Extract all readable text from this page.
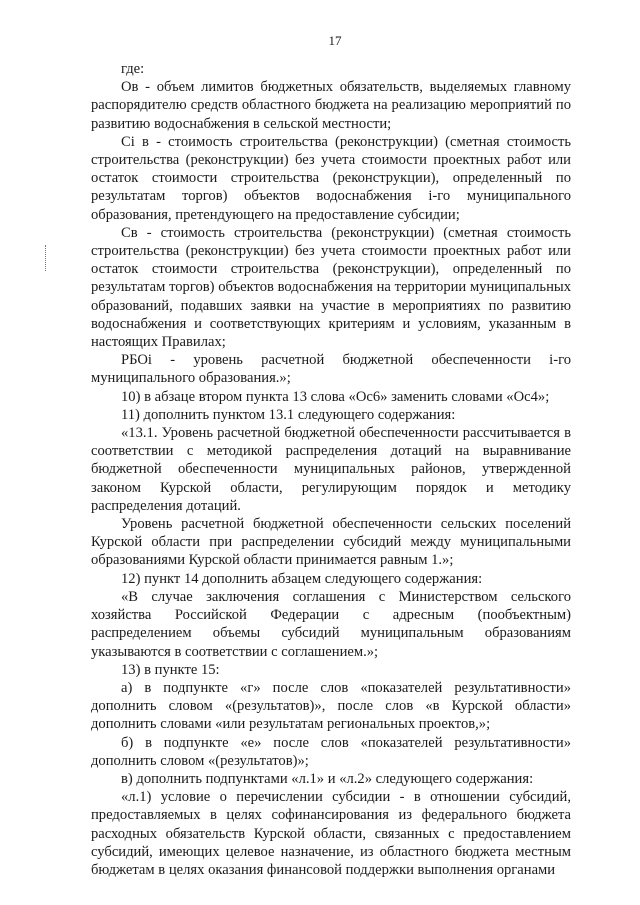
17

где:

Ов - объем лимитов бюджетных обязательств, выделяемых главному распорядителю средств областного бюджета на реализацию мероприятий по развитию водоснабжения в сельской местности;

Ci в - стоимость строительства (реконструкции) (сметная стоимость строительства (реконструкции) без учета стоимости проектных работ или остаток стоимости строительства (реконструкции), определенный по результатам торгов) объектов водоснабжения i-го муниципального образования, претендующего на предоставление субсидии;

Св - стоимость строительства (реконструкции) (сметная стоимость строительства (реконструкции) без учета стоимости проектных работ или остаток стоимости строительства (реконструкции), определенный по результатам торгов) объектов водоснабжения на территории муниципальных образований, подавших заявки на участие в мероприятиях по развитию водоснабжения и соответствующих критериям и условиям, указанным в настоящих Правилах;

РБОi - уровень расчетной бюджетной обеспеченности i-го муниципального образования.»;

10) в абзаце втором пункта 13 слова «Ос6» заменить словами «Ос4»;

11) дополнить пунктом 13.1 следующего содержания:

«13.1. Уровень расчетной бюджетной обеспеченности рассчитывается в соответствии с методикой распределения дотаций на выравнивание бюджетной обеспеченности муниципальных районов, утвержденной законом Курской области, регулирующим порядок и методику распределения дотаций.

Уровень расчетной бюджетной обеспеченности сельских поселений Курской области при распределении субсидий между муниципальными образованиями Курской области принимается равным 1.»;

12) пункт 14 дополнить абзацем следующего содержания:

«В случае заключения соглашения с Министерством сельского хозяйства Российской Федерации с адресным (пообъектным) распределением объемы субсидий муниципальным образованиям указываются в соответствии с соглашением.»;

13) в пункте 15:

а) в подпункте «г» после слов «показателей результативности» дополнить словом «(результатов)», после слов «в Курской области» дополнить словами «или результатам региональных проектов,»;

б) в подпункте «е» после слов «показателей результативности» дополнить словом «(результатов)»;

в) дополнить подпунктами «л.1» и «л.2» следующего содержания:

«л.1) условие о перечислении субсидии - в отношении субсидий, предоставляемых в целях софинансирования из федерального бюджета расходных обязательств Курской области, связанных с предоставлением субсидий, имеющих целевое назначение, из областного бюджета местным бюджетам в целях оказания финансовой поддержки выполнения органами
